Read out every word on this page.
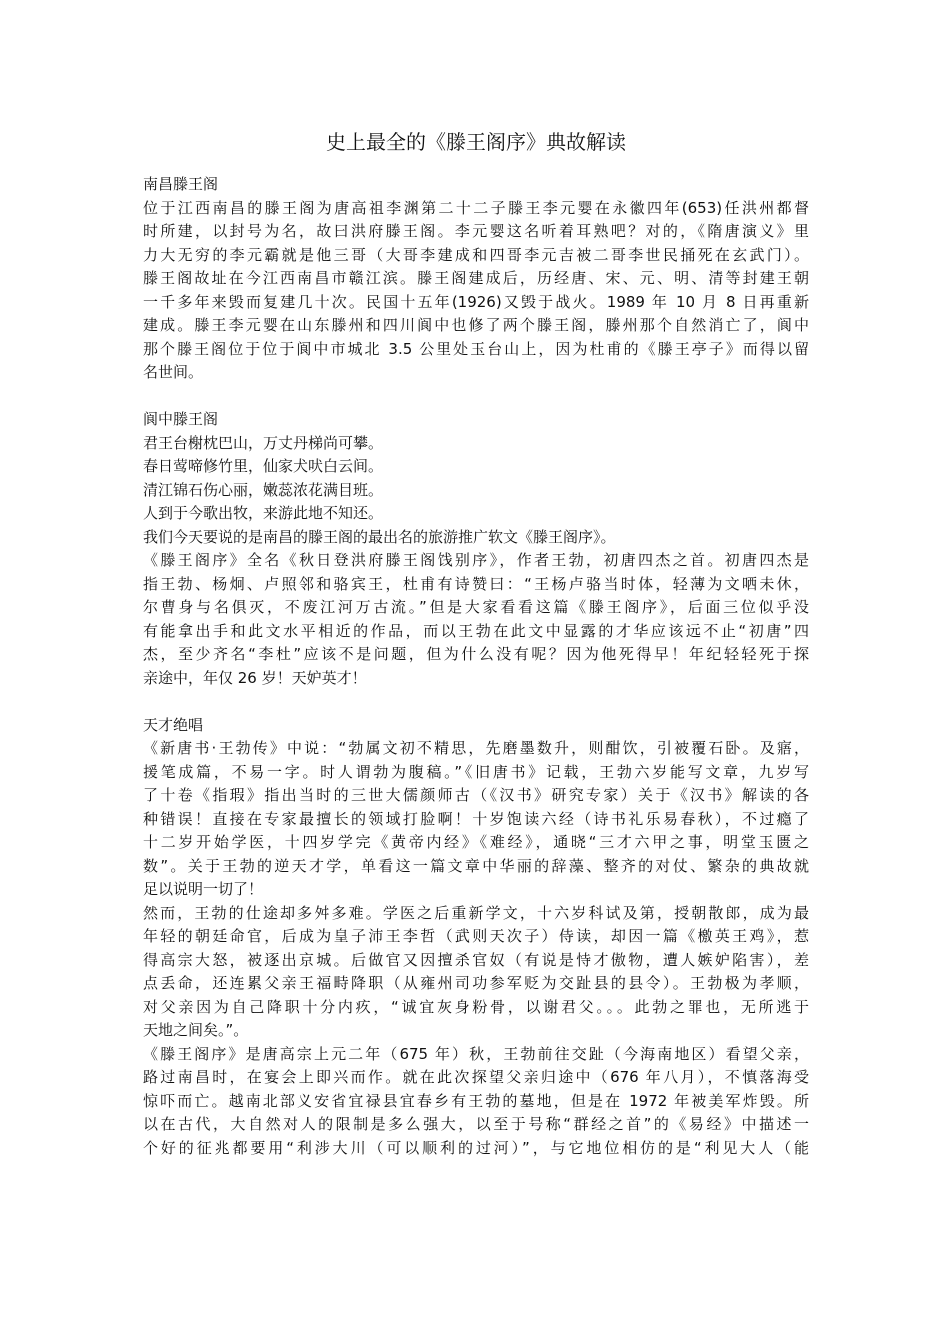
史上最全的《滕王阁序》典故解读
南昌滕王阁
位于江西南昌的滕王阁为唐高祖李渊第二十二子滕王李元婴在永徽四年(653)任洪州都督
时所建，以封号为名，故曰洪府滕王阁。李元婴这名听着耳熟吧？对的，《隋唐演义》里
力大无穷的李元霸就是他三哥（大哥李建成和四哥李元吉被二哥李世民捅死在玄武门）。
滕王阁故址在今江西南昌市赣江滨。滕王阁建成后，历经唐、宋、元、明、清等封建王朝
一千多年来毁而复建几十次。民国十五年(1926)又毁于战火。1989 年 10 月 8 日再重新
建成。滕王李元婴在山东滕州和四川阆中也修了两个滕王阁，滕州那个自然消亡了，阆中
那个滕王阁位于位于阆中市城北 3.5 公里处玉台山上，因为杜甫的《滕王亭子》而得以留
名世间。
阆中滕王阁
君王台榭枕巴山，万丈丹梯尚可攀。
春日莺啼修竹里，仙家犬吠白云间。
清江锦石伤心丽，嫩蕊浓花满目班。
人到于今歌出牧，来游此地不知还。
我们今天要说的是南昌的滕王阁的最出名的旅游推广软文《滕王阁序》。
《滕王阁序》全名《秋日登洪府滕王阁饯别序》，作者王勃，初唐四杰之首。初唐四杰是
指王勃、杨炯、卢照邻和骆宾王，杜甫有诗赞曰：“王杨卢骆当时体，轻薄为文哂未休，
尔曹身与名俱灭，不废江河万古流。”但是大家看看这篇《滕王阁序》，后面三位似乎没
有能拿出手和此文水平相近的作品，而以王勃在此文中显露的才华应该远不止“初唐”四
杰，至少齐名“李杜”应该不是问题，但为什么没有呢？因为他死得早！年纪轻轻死于探
亲途中，年仅 26 岁！天妒英才！
天才绝唱
《新唐书·王勃传》中说：“勃属文初不精思，先磨墨数升，则酣饮，引被覆石卧。及寤，
援笔成篇，不易一字。时人谓勃为腹稿。”《旧唐书》记载，王勃六岁能写文章，九岁写
了十卷《指瑕》指出当时的三世大儒颜师古（《汉书》研究专家）关于《汉书》解读的各
种错误！直接在专家最擅长的领域打脸啊！十岁饱读六经（诗书礼乐易春秋），不过瘾了
十二岁开始学医，十四岁学完《黄帝内经》《难经》，通晓“三才六甲之事，明堂玉匮之
数”。关于王勃的逆天才学，单看这一篇文章中华丽的辞藻、整齐的对仗、繁杂的典故就
足以说明一切了！
然而，王勃的仕途却多舛多难。学医之后重新学文，十六岁科试及第，授朝散郎，成为最
年轻的朝廷命官，后成为皇子沛王李哲（武则天次子）侍读，却因一篇《檄英王鸡》，惹
得高宗大怒，被逐出京城。后做官又因擅杀官奴（有说是恃才傲物，遭人嫉妒陷害），差
点丢命，还连累父亲王福畤降职（从雍州司功参军贬为交趾县的县令）。王勃极为孝顺，
对父亲因为自己降职十分内疚，“诚宜灰身粉骨，以谢君父。。。此勃之罪也，无所逃于
天地之间矣。”。
《滕王阁序》是唐高宗上元二年（675 年）秋，王勃前往交趾（今海南地区）看望父亲，
路过南昌时，在宴会上即兴而作。就在此次探望父亲归途中（676 年八月），不慎落海受
惊吓而亡。越南北部义安省宜禄县宜春乡有王勃的墓地，但是在 1972 年被美军炸毁。所
以在古代，大自然对人的限制是多么强大，以至于号称“群经之首”的《易经》中描述一
个好的征兆都要用“利涉大川（可以顺利的过河）”，与它地位相仿的是“利见大人（能
